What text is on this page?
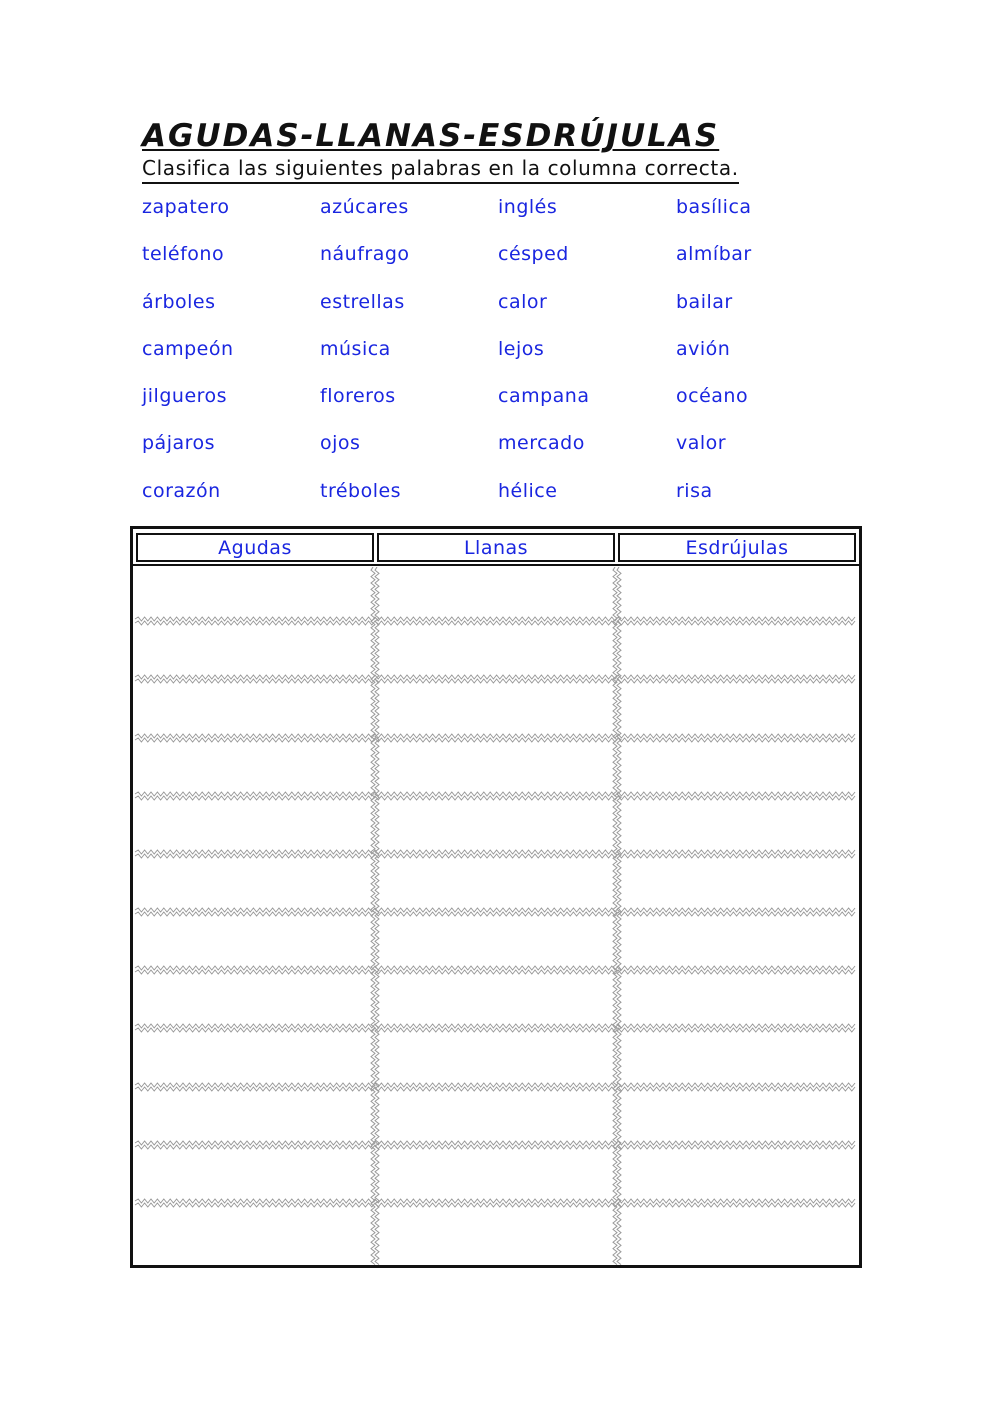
AGUDAS-LLANAS-ESDRÚJULAS
Clasifica las siguientes palabras en la columna correcta.
zapatero	azúcares	inglés	basílica
teléfono	náufrago	césped	almíbar
árboles	estrellas	calor	bailar
campeón	música	lejos	avión
jilgueros	floreros	campana	océano
pájaros	ojos	mercado	valor
corazón	tréboles	hélice	risa
Agudas	Llanas	Esdrújulas
